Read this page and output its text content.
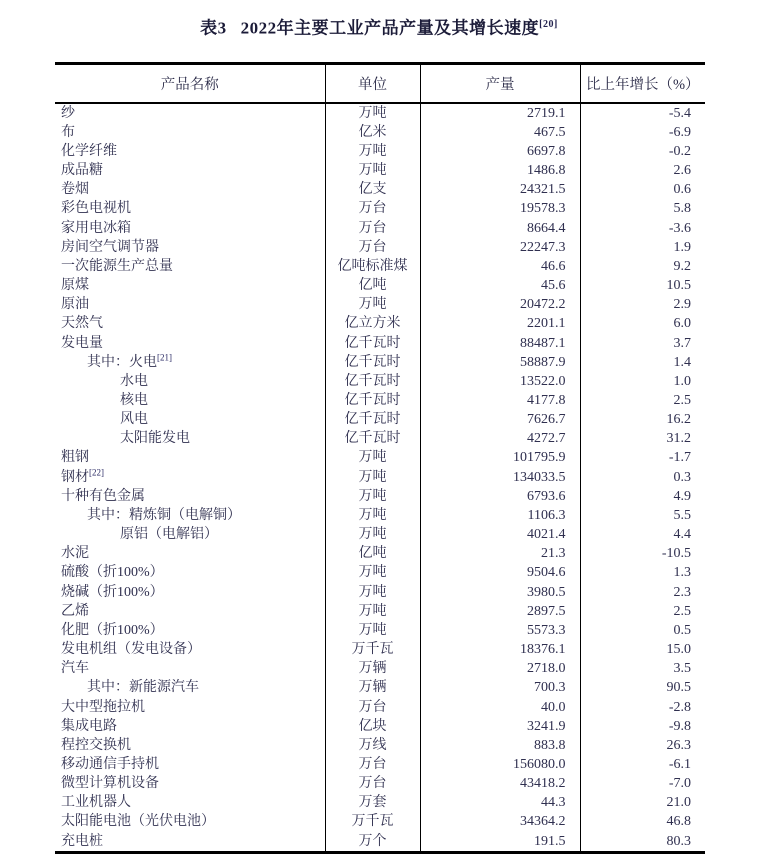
表3 2022年主要工业产品产量及其增长速度[20]
产品名称	单位	产量	比上年增长（%）
纱	万吨	2719.1	-5.4
布	亿米	467.5	-6.9
化学纤维	万吨	6697.8	-0.2
成品糖	万吨	1486.8	2.6
卷烟	亿支	24321.5	0.6
彩色电视机	万台	19578.3	5.8
家用电冰箱	万台	8664.4	-3.6
房间空气调节器	万台	22247.3	1.9
一次能源生产总量	亿吨标准煤	46.6	9.2
原煤	亿吨	45.6	10.5
原油	万吨	20472.2	2.9
天然气	亿立方米	2201.1	6.0
发电量	亿千瓦时	88487.1	3.7
其中：火电[21]	亿千瓦时	58887.9	1.4
水电	亿千瓦时	13522.0	1.0
核电	亿千瓦时	4177.8	2.5
风电	亿千瓦时	7626.7	16.2
太阳能发电	亿千瓦时	4272.7	31.2
粗钢	万吨	101795.9	-1.7
钢材[22]	万吨	134033.5	0.3
十种有色金属	万吨	6793.6	4.9
其中：精炼铜（电解铜）	万吨	1106.3	5.5
原铝（电解铝）	万吨	4021.4	4.4
水泥	亿吨	21.3	-10.5
硫酸（折100%）	万吨	9504.6	1.3
烧碱（折100%）	万吨	3980.5	2.3
乙烯	万吨	2897.5	2.5
化肥（折100%）	万吨	5573.3	0.5
发电机组（发电设备）	万千瓦	18376.1	15.0
汽车	万辆	2718.0	3.5
其中：新能源汽车	万辆	700.3	90.5
大中型拖拉机	万台	40.0	-2.8
集成电路	亿块	3241.9	-9.8
程控交换机	万线	883.8	26.3
移动通信手持机	万台	156080.0	-6.1
微型计算机设备	万台	43418.2	-7.0
工业机器人	万套	44.3	21.0
太阳能电池（光伏电池）	万千瓦	34364.2	46.8
充电桩	万个	191.5	80.3
